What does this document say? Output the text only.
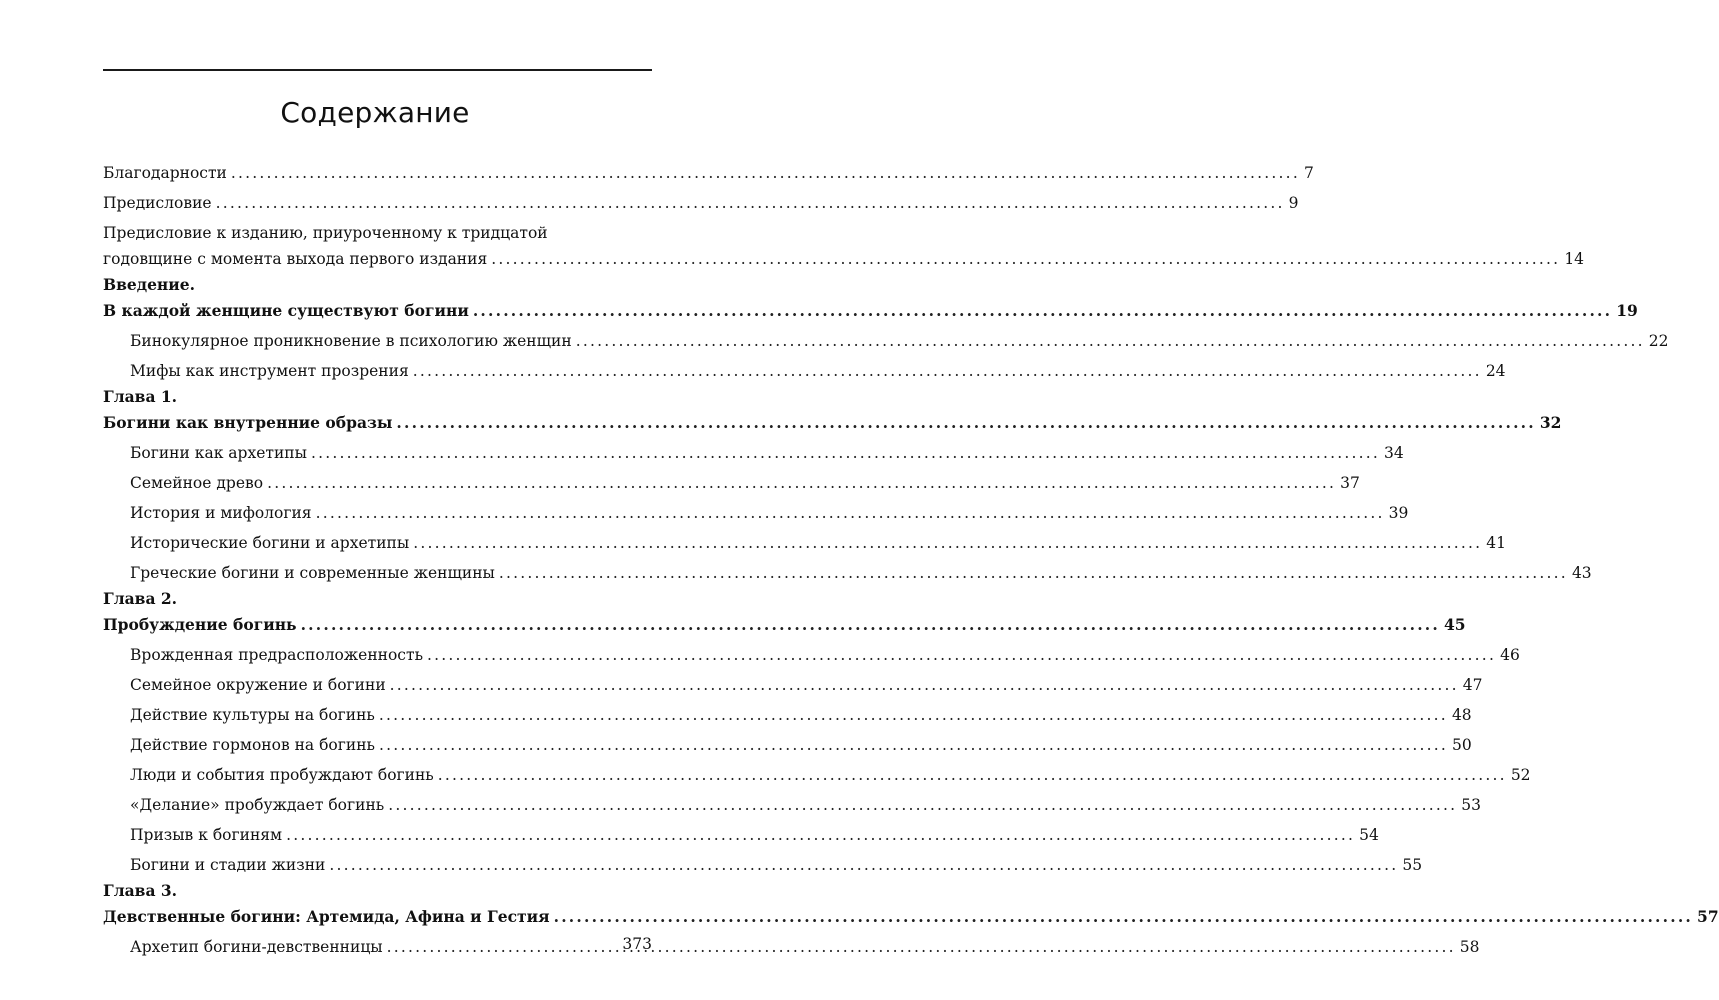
Содержание
Благодарности .....	7
Предисловие .....	9
Предисловие к изданию, приуроченному к тридцатой
годовщине с момента выхода первого издания .....	14
Введение.
В каждой женщине существуют богини .....	19
Бинокулярное проникновение в психологию женщин .....	22
Мифы как инструмент прозрения .....	24
Глава 1.
Богини как внутренние образы .....	32
Богини как архетипы .....	34
Семейное древо .....	37
История и мифология .....	39
Исторические богини и архетипы .....	41
Греческие богини и современные женщины .....	43
Глава 2.
Пробуждение богинь .....	45
Врожденная предрасположенность .....	46
Семейное окружение и богини .....	47
Действие культуры на богинь .....	48
Действие гормонов на богинь .....	50
Люди и события пробуждают богинь .....	52
«Делание» пробуждает богинь .....	53
Призыв к богиням .....	54
Богини и стадии жизни .....	55
Глава 3.
Девственные богини: Артемида, Афина и Гестия .....	57
Архетип богини-девственницы .....	58
373
